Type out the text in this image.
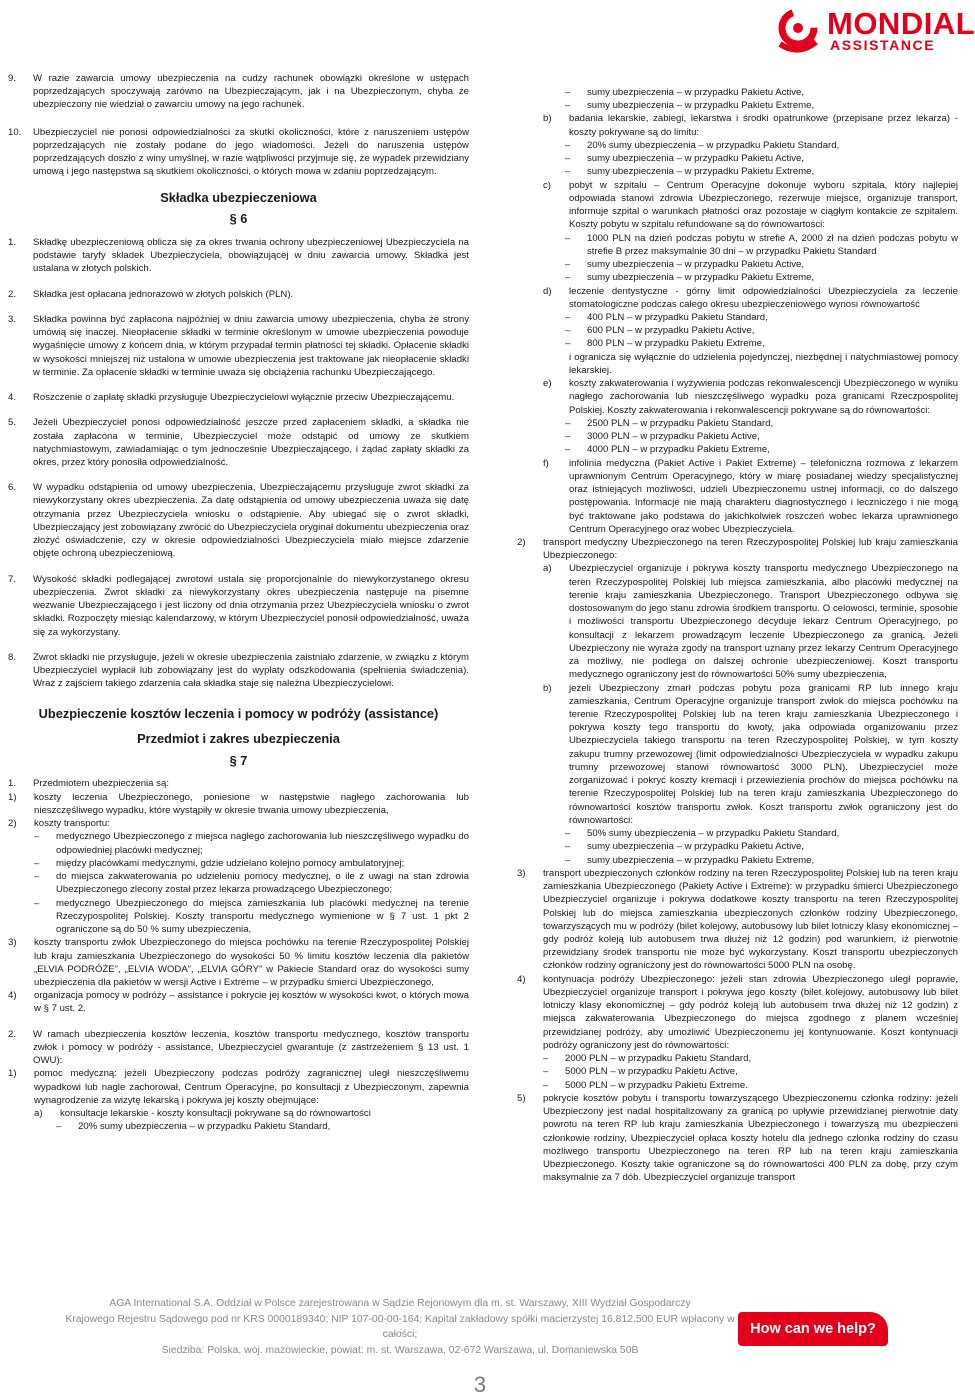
MONDIAL
ASSISTANCE
9.	W razie zawarcia umowy ubezpieczenia na cudzy rachunek obowiązki określone w ustępach poprzedzających spoczywają zarówno na Ubezpieczającym, jak i na Ubezpieczonym, chyba że ubezpieczony nie wiedział o zawarciu umowy na jego rachunek.
10.	Ubezpieczyciel nie ponosi odpowiedzialności za skutki okoliczności, które z naruszeniem ustępów poprzedzających nie zostały podane do jego wiadomości. Jeżeli do naruszenia ustępów poprzedzających doszło z winy umyślnej, w razie wątpliwości przyjmuje się, że wypadek przewidziany umową i jego następstwa są skutkiem okoliczności, o których mowa w zdaniu poprzedzającym.
Składka ubezpieczeniowa
§ 6
1.	Składkę ubezpieczeniową oblicza się za okres trwania ochrony ubezpieczeniowej Ubezpieczyciela na podstawie taryfy składek Ubezpieczyciela, obowiązującej w dniu zawarcia umowy. Składka jest ustalana w złotych polskich.
2.	Składka jest opłacana jednorazowo w złotych polskich (PLN).
3.	Składka powinna być zapłacona najpóźniej w dniu zawarcia umowy ubezpieczenia, chyba że strony umówią się inaczej. Nieopłacenie składki w terminie określonym w umowie ubezpieczenia powoduje wygaśnięcie umowy z końcem dnia, w którym przypadał termin płatności tej składki. Opłacenie składki w wysokości mniejszej niż ustalona w umowie ubezpieczenia jest traktowane jak nieopłacenie składki w terminie. Za opłacenie składki w terminie uważa się obciążenia rachunku Ubezpieczającego.
4.	Roszczenie o zapłatę składki przysługuje Ubezpieczycielowi wyłącznie przeciw Ubezpieczającemu.
5.	Jeżeli Ubezpieczyciel ponosi odpowiedzialność jeszcze przed zapłaceniem składki, a składka nie została zapłacona w terminie, Ubezpieczyciel może odstąpić od umowy ze skutkiem natychmiastowym, zawiadamiając o tym jednocześnie Ubezpieczającego, i żądać zapłaty składki za okres, przez który ponosiła odpowiedzialność.
6.	W wypadku odstąpienia od umowy ubezpieczenia, Ubezpieczającemu przysługuje zwrot składki za niewykorzystany okres ubezpieczenia. Za datę odstąpienia od umowy ubezpieczenia uważa się datę otrzymania przez Ubezpieczyciela wniosku o odstąpienie. Aby ubiegać się o zwrot składki, Ubezpieczający jest zobowiązany zwrócić do Ubezpieczyciela oryginał dokumentu ubezpieczenia oraz złożyć oświadczenie, czy w okresie odpowiedzialności Ubezpieczyciela miało miejsce zdarzenie objęte ochroną ubezpieczeniową.
7.	Wysokość składki podlegającej zwrotowi ustala się proporcjonalnie do niewykorzystanego okresu ubezpieczenia. Zwrot składki za niewykorzystany okres ubezpieczenia następuje na pisemne wezwanie Ubezpieczającego i jest liczony od dnia otrzymania przez Ubezpieczyciela wniosku o zwrot składki. Rozpoczęty miesiąc kalendarzowy, w którym Ubezpieczyciel ponosił odpowiedzialność, uważa się za wykorzystany.
8.	Zwrot składki nie przysługuje, jeżeli w okresie ubezpieczenia zaistniało zdarzenie, w związku z którym Ubezpieczyciel wypłacił lub zobowiązany jest do wypłaty odszkodowania (spełnienia świadczenia). Wraz z zajściem takiego zdarzenia cała składka staje się należna Ubezpieczycielowi.
Ubezpieczenie kosztów leczenia i pomocy w podróży (assistance)
Przedmiot i zakres ubezpieczenia
§ 7
1.	Przedmiotem ubezpieczenia są:
1)	koszty leczenia Ubezpieczonego, poniesione w następstwie nagłego zachorowania lub nieszczęśliwego wypadku, które wystąpiły w okresie trwania umowy ubezpieczenia,
2)	koszty transportu:
–	medycznego Ubezpieczonego z miejsca nagłego zachorowania lub nieszczęśliwego wypadku do odpowiedniej placówki medycznej;
–	między placówkami medycznymi, gdzie udzielano kolejno pomocy ambulatoryjnej;
–	do miejsca zakwaterowania po udzieleniu pomocy medycznej, o ile z uwagi na stan zdrowia Ubezpieczonego zlecony został przez lekarza prowadzącego Ubezpieczonego;
–	medycznego Ubezpieczonego do miejsca zamieszkania lub placówki medycznej na terenie Rzeczypospolitej Polskiej. Koszty transportu medycznego wymienione w § 7 ust. 1 pkt 2 ograniczone są do 50 % sumy ubezpieczenia,
3)	koszty transportu zwłok Ubezpieczonego do miejsca pochówku na terenie Rzeczypospolitej Polskiej lub kraju zamieszkania Ubezpieczonego do wysokości 50 % limitu kosztów leczenia dla pakietów „ELVIA PODRÓŻE”, „ELVIA WODA”, „ELVIA GÓRY” w Pakiecie Standard oraz do wysokości sumy ubezpieczenia dla pakietów w wersji Active i Extreme – w przypadku śmierci Ubezpieczonego,
4)	organizacja pomocy w podróży – assistance i pokrycie jej kosztów w wysokości kwot, o których mowa w § 7 ust. 2.
2.	W ramach ubezpieczenia kosztów leczenia, kosztów transportu medycznego, kosztów transportu zwłok i pomocy w podróży - assistance, Ubezpieczyciel gwarantuje (z zastrzeżeniem § 13 ust. 1 OWU):
1)	pomoc medyczną: jeżeli Ubezpieczony podczas podróży zagranicznej uległ nieszczęśliwemu wypadkowi lub nagle zachorował, Centrum Operacyjne, po konsultacji z Ubezpieczonym, zapewnia wynagrodzenie za wizytę lekarską i pokrywa jej koszty obejmujące:
a)	konsultacje lekarskie - koszty konsultacji pokrywane są do równowartości
–	20% sumy ubezpieczenia – w przypadku Pakietu Standard,
–	sumy ubezpieczenia – w przypadku Pakietu Active,
–	sumy ubezpieczenia – w przypadku Pakietu Extreme,
b)	badania lekarskie, zabiegi, lekarstwa i środki opatrunkowe (przepisane przez lekarza) - koszty pokrywane są do limitu:
–	20% sumy ubezpieczenia – w przypadku Pakietu Standard,
–	sumy ubezpieczenia – w przypadku Pakietu Active,
–	sumy ubezpieczenia – w przypadku Pakietu Extreme,
c)	pobyt w szpitalu – Centrum Operacyjne dokonuje wyboru szpitala, który najlepiej odpowiada stanowi zdrowia Ubezpieczonego, rezerwuje miejsce, organizuje transport, informuje szpital o warunkach płatności oraz pozostaje w ciągłym kontakcie ze szpitalem. Koszty pobytu w szpitalu refundowane są do równowartości:
–	1000 PLN na dzień podczas pobytu w strefie A, 2000 zł na dzień podczas pobytu w strefie B przez maksymalnie 30 dni – w przypadku Pakietu Standard
–	sumy ubezpieczenia – w przypadku Pakietu Active,
–	sumy ubezpieczenia – w przypadku Pakietu Extreme,
d)	leczenie dentystyczne - górny limit odpowiedzialności Ubezpieczyciela za leczenie stomatologiczne podczas całego okresu ubezpieczeniowego wynosi równowartość
–	400 PLN – w przypadku Pakietu Standard,
–	600 PLN – w przypadku Pakietu Active,
–	800 PLN – w przypadku Pakietu Extreme,
i ogranicza się wyłącznie do udzielenia pojedynczej, niezbędnej i natychmiastowej pomocy lekarskiej.
e)	koszty zakwaterowania i wyżywienia podczas rekonwalescencji Ubezpieczonego w wyniku nagłego zachorowania lub nieszczęśliwego wypadku poza granicami Rzeczpospolitej Polskiej. Koszty zakwaterowania i rekonwalescencji pokrywane są do równowartości:
–	2500 PLN – w przypadku Pakietu Standard,
–	3000 PLN – w przypadku Pakietu Active,
–	4000 PLN – w przypadku Pakietu Extreme,
f)	infolinia medyczna (Pakiet Active i Pakiet Extreme) – telefoniczna rozmowa z lekarzem uprawnionym Centrum Operacyjnego, który w miarę posiadanej wiedzy specjalistycznej oraz istniejących możliwości, udzieli Ubezpieczonemu ustnej informacji, co do dalszego postępowania. Informacje nie mają charakteru diagnostycznego i leczniczego i nie mogą być traktowane jako podstawa do jakichkolwiek roszczeń wobec lekarza uprawnionego Centrum Operacyjnego oraz wobec Ubezpieczyciela.
2)	transport medyczny Ubezpieczonego na teren Rzeczypospolitej Polskiej lub kraju zamieszkania Ubezpieczonego:
a)	Ubezpieczyciel organizuje i pokrywa koszty transportu medycznego Ubezpieczonego na teren Rzeczypospolitej Polskiej lub miejsca zamieszkania, albo placówki medycznej na terenie kraju zamieszkania Ubezpieczonego. Transport Ubezpieczonego odbywa się dostosowanym do jego stanu zdrowia środkiem transportu. O celowości, terminie, sposobie i możliwości transportu Ubezpieczonego decyduje lekarz Centrum Operacyjnego, po konsultacji z lekarzem prowadzącym leczenie Ubezpieczonego za granicą. Jeżeli Ubezpieczony nie wyraża zgody na transport uznany przez lekarzy Centrum Operacyjnego za możliwy, nie podlega on dalszej ochronie ubezpieczeniowej. Koszt transportu medycznego ograniczony jest do równowartości 50% sumy ubezpieczenia,
b)	jeżeli Ubezpieczony zmarł podczas pobytu poza granicami RP lub innego kraju zamieszkania, Centrum Operacyjne organizuje transport zwłok do miejsca pochówku na terenie Rzeczypospolitej Polskiej lub na teren kraju zamieszkania Ubezpieczonego i pokrywa koszty tego transportu do kwoty, jaka odpowiada organizowaniu przez Ubezpieczyciela takiego transportu na teren Rzeczypospolitej Polskiej, w tym koszty zakupu trumny przewozowej (limit odpowiedzialności Ubezpieczyciela w wypadku zakupu trumny przewozowej stanowi równowartość 3000 PLN). Ubezpieczyciel może zorganizować i pokryć koszty kremacji i przewiezienia prochów do miejsca pochówku na terenie Rzeczypospolitej Polskiej lub na teren kraju zamieszkania Ubezpieczonego do równowartości kosztów transportu zwłok. Koszt transportu zwłok ograniczony jest do równowartości:
–	50% sumy ubezpieczenia – w przypadku Pakietu Standard,
–	sumy ubezpieczenia – w przypadku Pakietu Active,
–	sumy ubezpieczenia – w przypadku Pakietu Extreme,
3)	transport ubezpieczonych członków rodziny na teren Rzeczypospolitej Polskiej lub na teren kraju zamieszkania Ubezpieczonego (Pakiety Active i Extreme): w przypadku śmierci Ubezpieczonego Ubezpieczyciel organizuje i pokrywa dodatkowe koszty transportu na teren Rzeczypospolitej Polskiej lub do miejsca zamieszkania ubezpieczonych członków rodziny Ubezpieczonego, towarzyszących mu w podróży (bilet kolejowy, autobusowy lub bilet lotniczy klasy ekonomicznej – gdy podróż koleją lub autobusem trwa dłużej niż 12 godzin) pod warunkiem, iż pierwotnie przewidziany środek transportu nie może być wykorzystany. Koszt transportu ubezpieczonych członków rodziny ograniczony jest do równowartości 5000 PLN na osobę.
4)	kontynuacja podróży Ubezpieczonego: jeżeli stan zdrowia Ubezpieczonego uległ poprawie, Ubezpieczyciel organizuje transport i pokrywa jego koszty (bilet kolejowy, autobusowy lub bilet lotniczy klasy ekonomicznej – gdy podróż koleją lub autobusem trwa dłużej niż 12 godzin) z miejsca zakwaterowania Ubezpieczonego do miejsca zgodnego z planem wcześniej przewidzianej podróży, aby umożliwić Ubezpieczonemu jej kontynuowanie. Koszt kontynuacji podróży ograniczony jest do równowartości:
–	2000 PLN – w przypadku Pakietu Standard,
–	5000 PLN – w przypadku Pakietu Active,
–	5000 PLN – w przypadku Pakietu Extreme.
5)	pokrycie kosztów pobytu i transportu towarzyszącego Ubezpieczonemu członka rodziny: jeżeli Ubezpieczony jest nadal hospitalizowany za granicą po upływie przewidzianej pierwotnie daty powrotu na teren RP lub kraju zamieszkania Ubezpieczonego i towarzyszą mu ubezpieczeni członkowie rodziny, Ubezpieczyciel opłaca koszty hotelu dla jednego członka rodziny do czasu możliwego transportu Ubezpieczonego na teren RP lub na teren kraju zamieszkania Ubezpieczonego. Koszty takie ograniczone są do równowartości 400 PLN za dobę, przy czym maksymalnie za 7 dób. Ubezpieczyciel organizuje transport
AGA International S.A. Oddział w Polsce zarejestrowana w Sądzie Rejonowym dla m. st. Warszawy, XIII Wydział Gospodarczy
Krajowego Rejestru Sądowego pod nr KRS 0000189340; NIP 107-00-00-164; Kapitał zakładowy spółki macierzystej 16.812.500 EUR wpłacony w całości;
Siedziba: Polska, woj. mazowieckie, powiat: m. st. Warszawa, 02-672 Warszawa, ul. Domaniewska 50B
How can we help?
3
